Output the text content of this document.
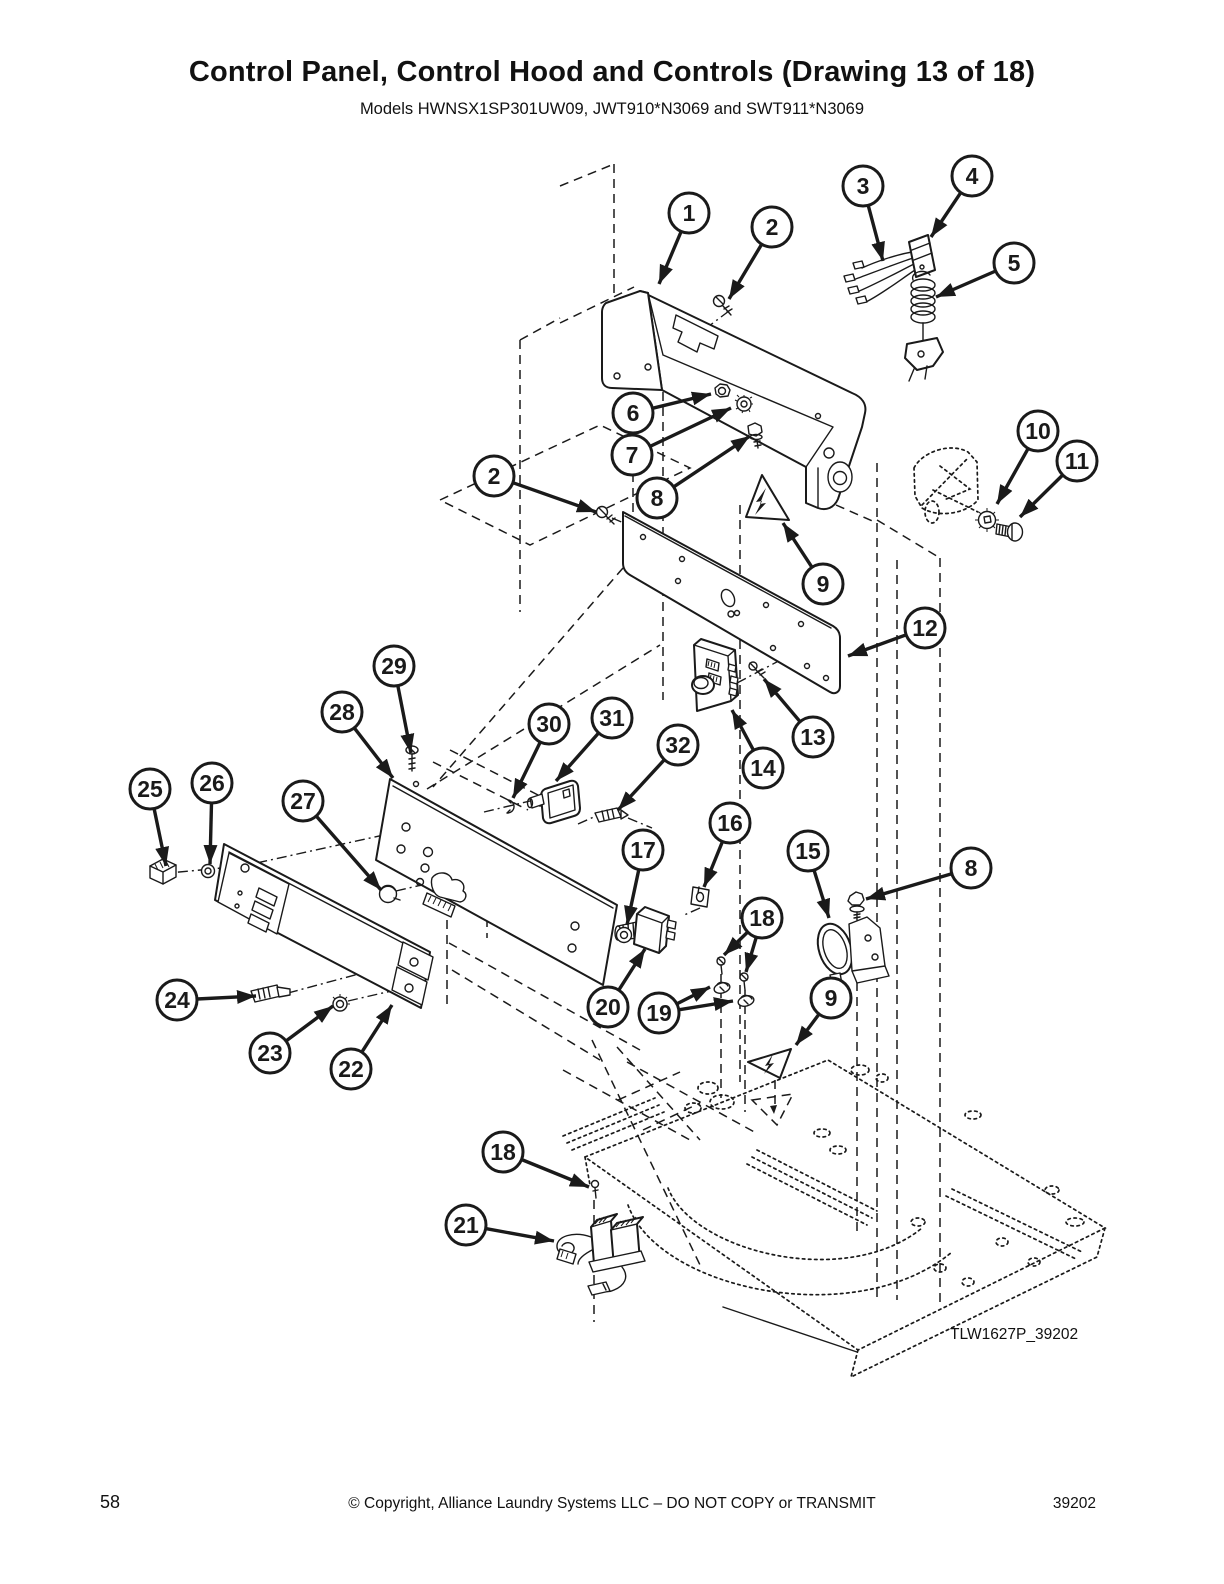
Control Panel, Control Hood and Controls (Drawing 13 of 18)
Models HWNSX1SP301UW09, JWT910*N3069 and SWT911*N3069
1
2
3	4
5
6
7
2
8
9
10
11
12
13
14
29
28	30 31
32
25 26
27
17
16
15
8
18
20 19
9
24
23
22
18
21
TLW1627P_39202
58	© Copyright, Alliance Laundry Systems LLC – DO NOT COPY or TRANSMIT	39202
